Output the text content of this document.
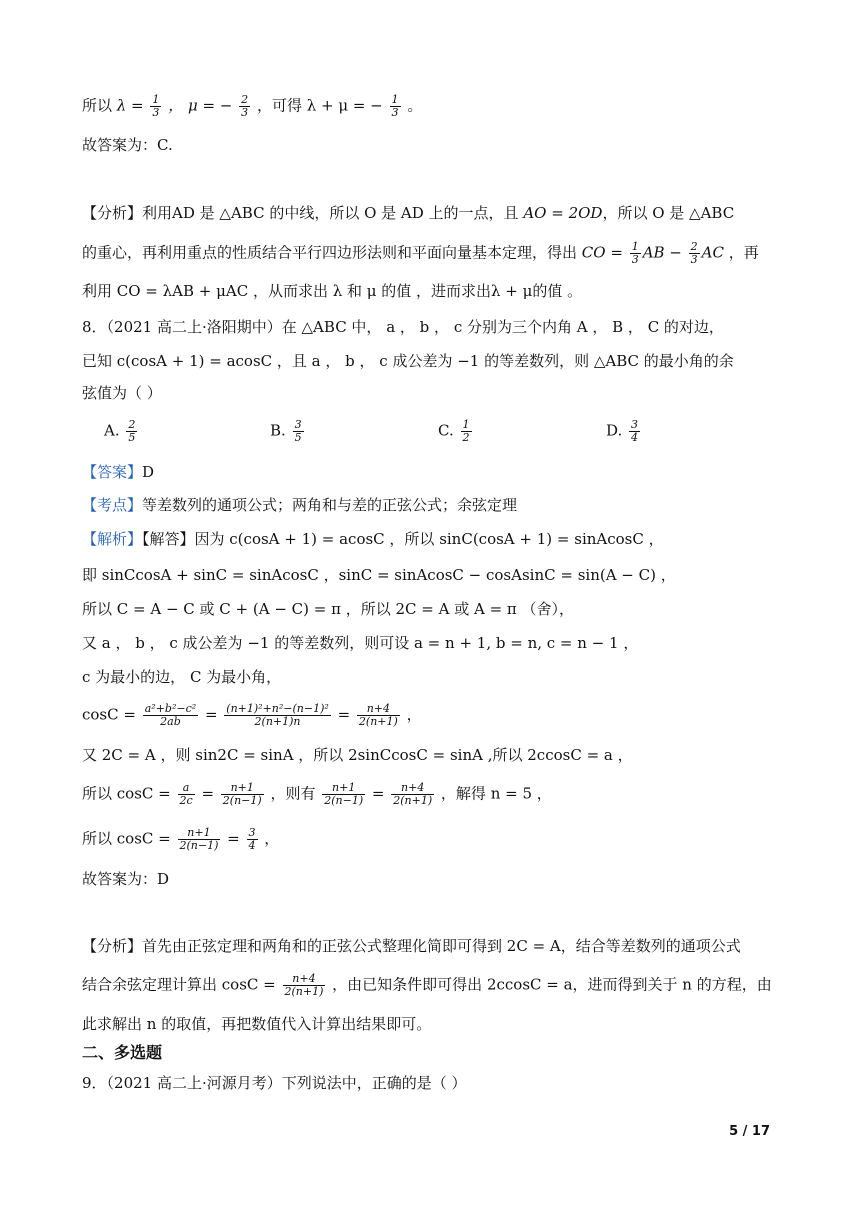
所以 $\lambda = \frac{1}{3}$ ， μ = − $\frac{2}{3}$ ，可得 λ + μ = − $\frac{1}{3}$ 。
故答案为：C.
【分析】利用AD 是 △ABC 的中线，所以 O 是 AD 上的一点，且 AO = 2OD，所以 O 是 △ABC
的重心，再利用重点的性质结合平行四边形法则和平面向量基本定理，得出 CO = $\frac{1}{3}$ AB − $\frac{2}{3}$ AC ，再
利用 CO = λAB + μAC ，从而求出 λ 和 μ 的值 ，进而求出λ + μ的值 。
8．（2021 高二上·洛阳期中）在 △ABC 中， a ， b ， c 分别为三个内角 A ， B ， C 的对边，
已知 c(cosA + 1) = acosC ，且 a ， b ， c 成公差为 −1 的等差数列，则 △ABC 的最小角的余
弦值为（ ）
A. $\frac{2}{5}$	B. $\frac{3}{5}$	C. $\frac{1}{2}$	D. $\frac{3}{4}$
【答案】D
【考点】等差数列的通项公式；两角和与差的正弦公式；余弦定理
【解析】【解答】因为 c(cosA + 1) = acosC ，所以 sinC(cosA + 1) = sinAcosC ，
即 sinCcosA + sinC = sinAcosC ，sinC = sinAcosC − cosAsinC = sin(A − C) ，
所以 C = A − C 或 C + (A − C) = π ，所以 2C = A 或 A = π （舍），
又 a ， b ， c 成公差为 −1 的等差数列，则可设 a = n + 1, b = n, c = n − 1 ，
c 为最小的边， C 为最小角，
$\cos C = \frac{\text{a²+b²−c²}}{2ab} = \frac{\text{(n+1)²+n²−(n−1)²}}{2(n+1)n} = \frac{n+4}{2(n+1)}$ ，
又 2C = A ，则 sin2C = sinA ，所以 2sinCcosC = sinA ,所以 2ccosC = a ，
所以 $\cos C = \frac{a}{2c} = \frac{n+1}{2(n-1)}$ ，则有 $\frac{n+1}{2(n-1)} = \frac{n+4}{2(n+1)}$ ，解得 n = 5 ，
所以 $\cos C = \frac{n+1}{2(n-1)} = \frac{3}{4}$ ，
故答案为：D
【分析】首先由正弦定理和两角和的正弦公式整理化简即可得到 2C = A，结合等差数列的通项公式
结合余弦定理计算出 $\cos C = \frac{n+4}{2(n+1)}$ ，由已知条件即可得出 2ccosC = a，进而得到关于 n 的方程，由
此求解出 n 的取值，再把数值代入计算出结果即可。
二、多选题
9．（2021 高二上·河源月考）下列说法中，正确的是（ ）
5 / 17
